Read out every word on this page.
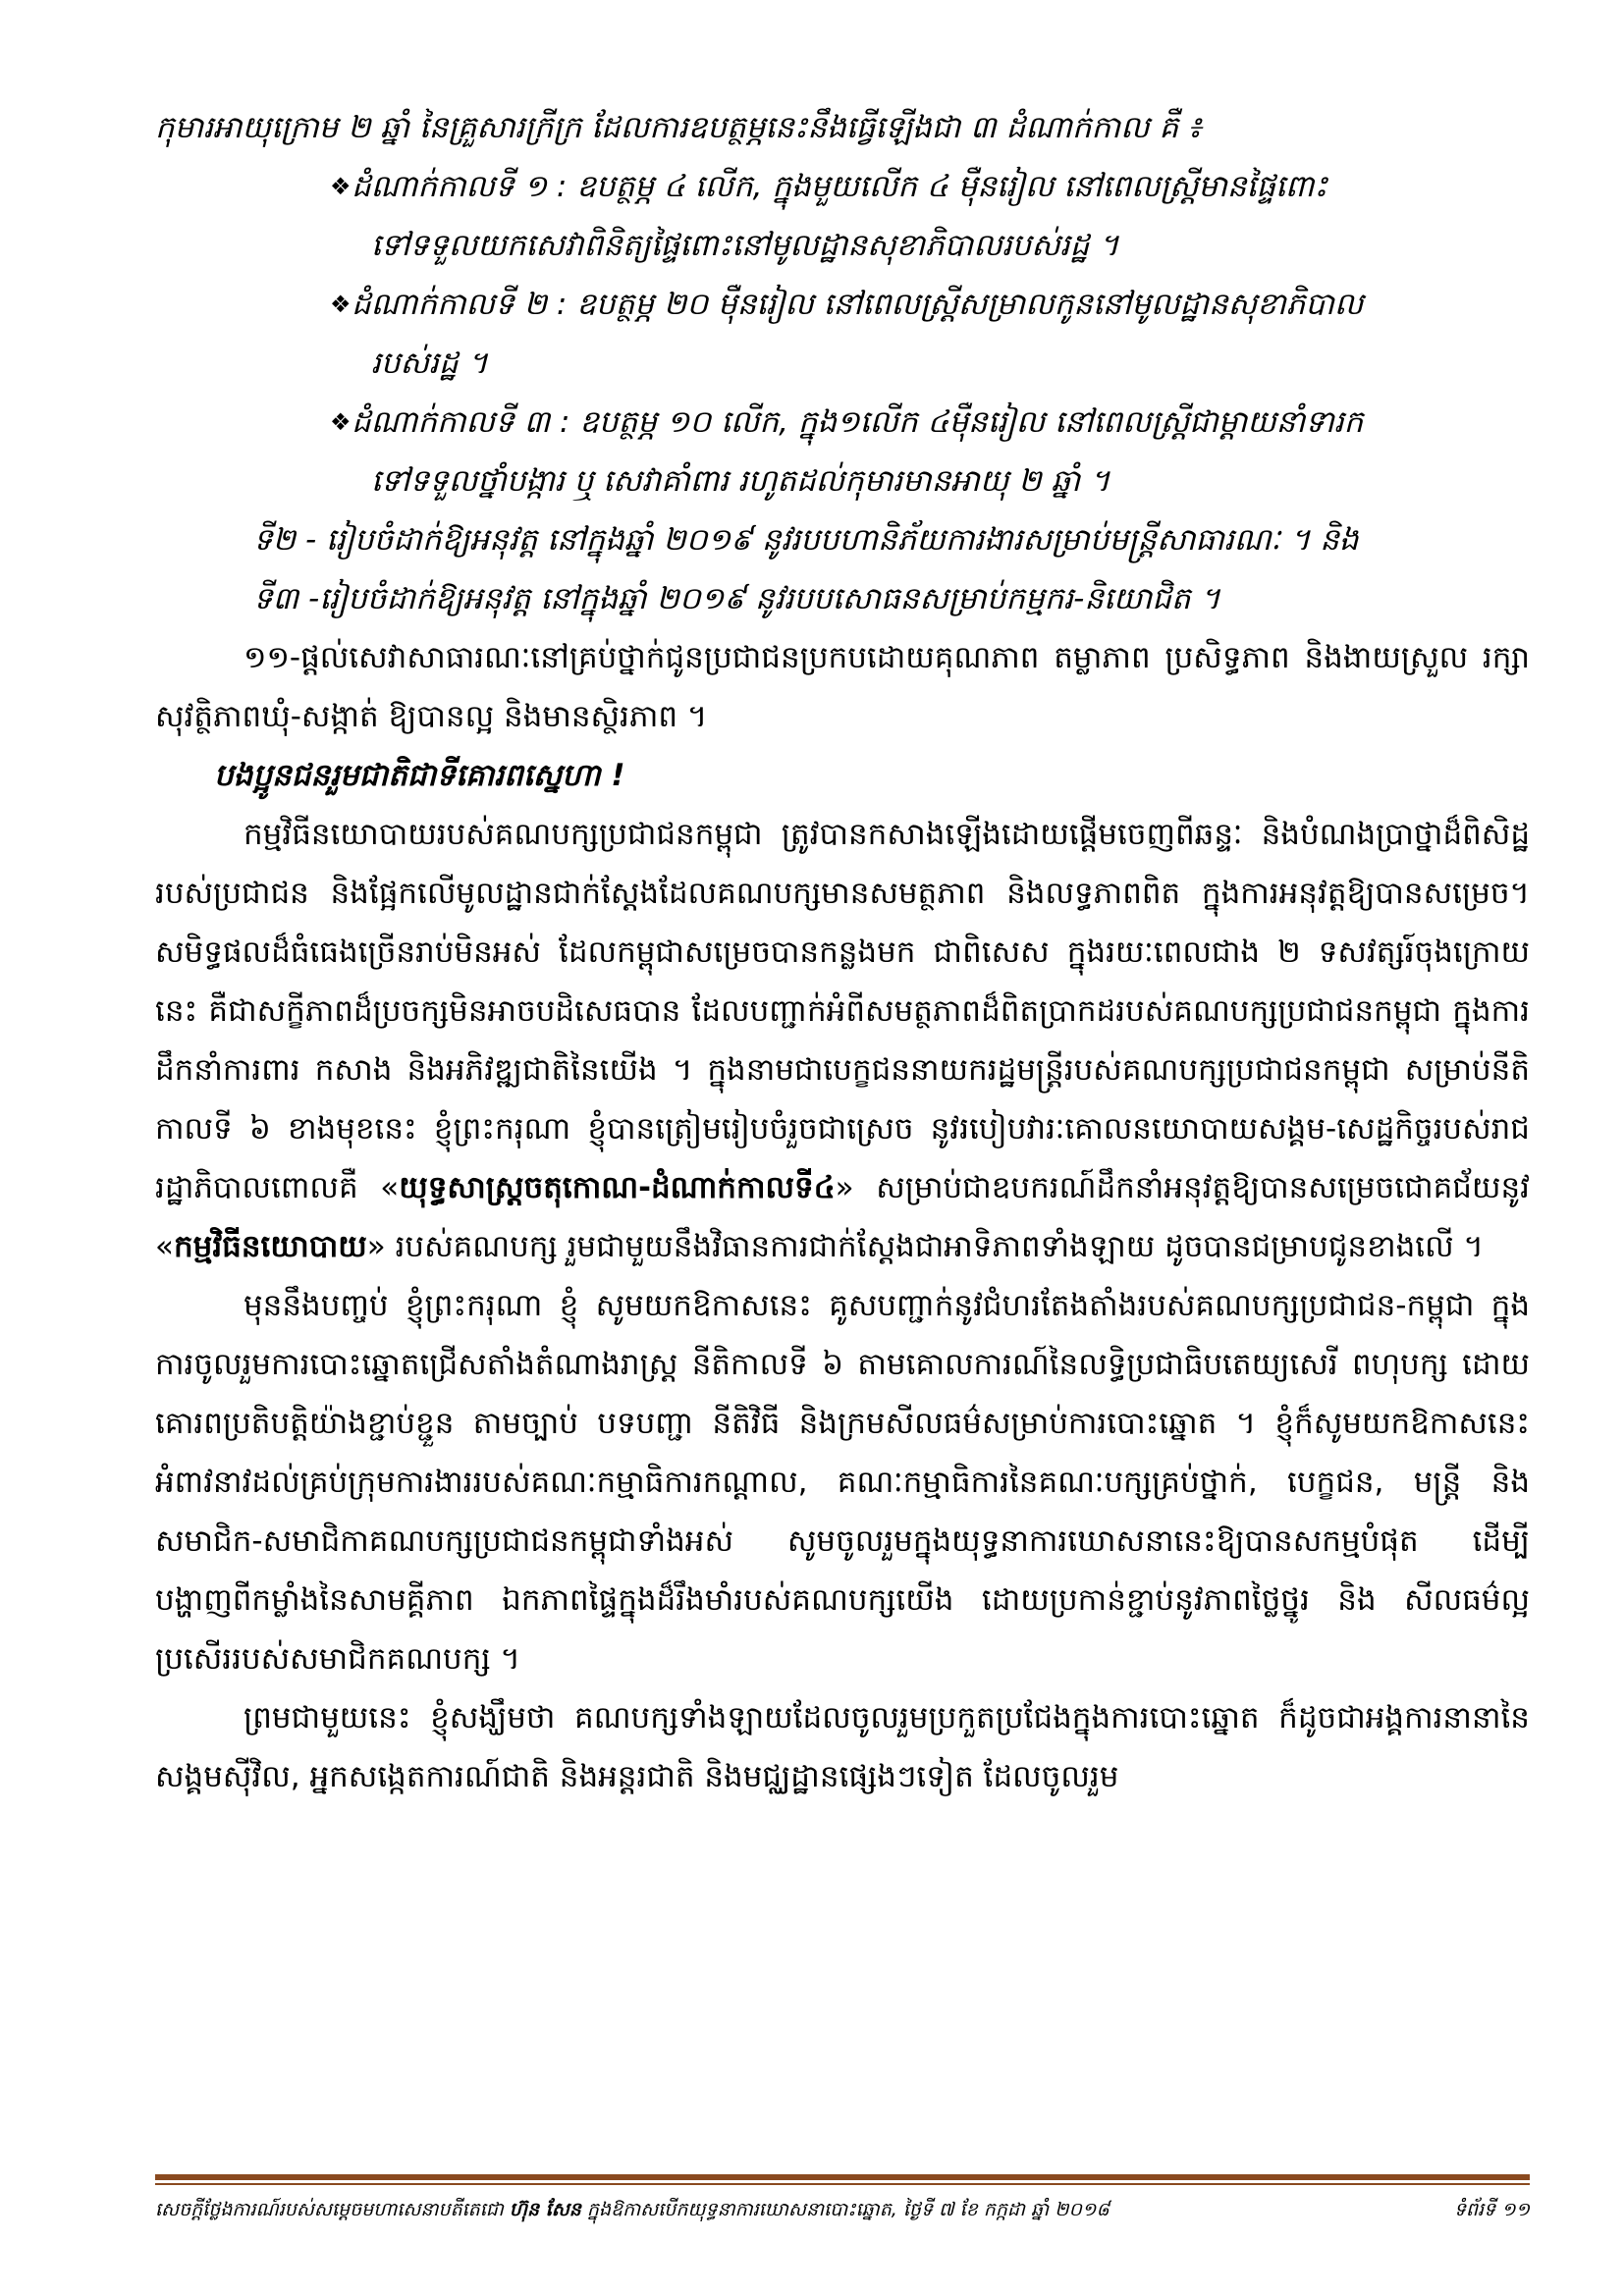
កុមារអាយុក្រោម ២ ឆ្នាំ នៃគ្រួសារក្រីក្រ ដែលការឧបត្ថម្ភនេះនឹងធ្វើឡើងជា ៣ ដំណាក់កាល គឺ ៖

❖ ដំណាក់កាលទី ១ : ឧបត្ថម្ភ ៤ លើក, ក្នុងមួយលើក ៤ ម៉ឺនរៀល នៅពេលស្ត្រីមានផ្ទៃពោះ

ទៅទទួលយកសេវាពិនិត្យផ្ទៃពោះនៅមូលដ្ឋានសុខាភិបាលរបស់រដ្ឋ ។

❖ ដំណាក់កាលទី ២ : ឧបត្ថម្ភ ២០ ម៉ឺនរៀល នៅពេលស្ត្រីសម្រាលកូននៅមូលដ្ឋានសុខាភិបាល

របស់រដ្ឋ ។

❖ ដំណាក់កាលទី ៣ : ឧបត្ថម្ភ ១០ លើក, ក្នុង១លើក ៤ម៉ឺនរៀល នៅពេលស្ត្រីជាម្តាយនាំទារក

ទៅទទួលថ្នាំបង្ការ ឬ សេវាគាំពារ រហូតដល់កុមារមានអាយុ ២ ឆ្នាំ ។

ទី២ - រៀបចំដាក់ឱ្យអនុវត្ត នៅក្នុងឆ្នាំ ២០១៩ នូវរបបហានិភ័យការងារសម្រាប់មន្ត្រីសាធារណៈ ។ និង

ទី៣ -រៀបចំដាក់ឱ្យអនុវត្ត នៅក្នុងឆ្នាំ ២០១៩ នូវរបបសោធនសម្រាប់កម្មករ-និយោជិត ។

១១-ផ្តល់សេវាសាធារណៈនៅគ្រប់ថ្នាក់ជូនប្រជាជនប្រកបដោយគុណភាព តម្លាភាព ប្រសិទ្ធភាព និងងាយស្រួល រក្សាសុវត្ថិភាពឃុំ-សង្កាត់ ឱ្យបានល្អ និងមានស្ថិរភាព ។

បងប្អូនជនរួមជាតិជាទីគោរពស្នេហា !

កម្មវិធីនយោបាយរបស់គណបក្សប្រជាជនកម្ពុជា ត្រូវបានកសាងឡើងដោយផ្តើមចេញពីឆន្ទៈ និងបំណងប្រាថ្នាដ៏ពិសិដ្ឋរបស់ប្រជាជន និងផ្អែកលើមូលដ្ឋានជាក់ស្តែងដែលគណបក្សមានសមត្ថភាព និងលទ្ធភាពពិត ក្នុងការអនុវត្តឱ្យបានសម្រេច។ សមិទ្ធផលដ៏ធំធេងច្រើនរាប់មិនអស់ ដែលកម្ពុជាសម្រេចបានកន្លងមក ជាពិសេស ក្នុងរយៈពេលជាង ២ ទសវត្សរ៍ចុងក្រោយនេះ គឺជាសក្ខីភាពដ៏ប្រចក្សមិនអាចបដិសេធបាន ដែលបញ្ជាក់អំពីសមត្ថភាពដ៏ពិតប្រាកដរបស់គណបក្សប្រជាជនកម្ពុជា ក្នុងការដឹកនាំការពារ កសាង និងអភិវឌ្ឍជាតិនៃយើង ។ ក្នុងនាមជាបេក្ខជននាយករដ្ឋមន្ត្រីរបស់គណបក្សប្រជាជនកម្ពុជា សម្រាប់នីតិកាលទី ៦ ខាងមុខនេះ ខ្ញុំព្រះករុណា ខ្ញុំបានត្រៀមរៀបចំរួចជាស្រេច នូវរបៀបវារៈគោលនយោបាយសង្គម-សេដ្ឋកិច្ចរបស់រាជរដ្ឋាភិបាលពោលគឺ «យុទ្ធសាស្ត្រចតុកោណ-ដំណាក់កាលទី៤» សម្រាប់ជាឧបករណ៍ដឹកនាំអនុវត្តឱ្យបានសម្រេចជោគជ័យនូវ «កម្មវិធីនយោបាយ» របស់គណបក្ស រួមជាមួយនឹងវិធានការជាក់ស្តែងជាអាទិភាពទាំងឡាយ ដូចបានជម្រាបជូនខាងលើ ។

មុននឹងបញ្ចប់ ខ្ញុំព្រះករុណា ខ្ញុំ សូមយកឱកាសនេះ គូសបញ្ជាក់នូវជំហរតែងតាំងរបស់គណបក្សប្រជាជន-កម្ពុជា ក្នុងការចូលរួមការបោះឆ្នោតជ្រើសតាំងតំណាងរាស្ត្រ នីតិកាលទី ៦ តាមគោលការណ៍នៃលទ្ធិប្រជាធិបតេយ្យសេរី ពហុបក្ស ដោយគោរពប្រតិបត្តិយ៉ាងខ្ជាប់ខ្ជួន តាមច្បាប់ បទបញ្ជា នីតិវិធី និងក្រមសីលធម៌សម្រាប់ការបោះឆ្នោត ។ ខ្ញុំក៏សូមយកឱកាសនេះ អំពាវនាវដល់គ្រប់ក្រុមការងាររបស់គណៈកម្មាធិការកណ្តាល, គណៈកម្មាធិការនៃគណៈបក្សគ្រប់ថ្នាក់, បេក្ខជន, មន្ត្រី និងសមាជិក-សមាជិកាគណបក្សប្រជាជនកម្ពុជាទាំងអស់ សូមចូលរួមក្នុងយុទ្ធនាការឃោសនានេះឱ្យបានសកម្មបំផុត ដើម្បីបង្ហាញពីកម្លាំងនៃសាមគ្គីភាព ឯកភាពផ្ទៃក្នុងដ៏រឹងមាំរបស់គណបក្សយើង ដោយប្រកាន់ខ្ជាប់នូវភាពថ្លៃថ្នូរ និង សីលធម៌ល្អប្រសើររបស់សមាជិកគណបក្ស ។

ព្រមជាមួយនេះ ខ្ញុំសង្ឃឹមថា គណបក្សទាំងឡាយដែលចូលរួមប្រកួតប្រជែងក្នុងការបោះឆ្នោត ក៏ដូចជាអង្គការនានានៃសង្គមស៊ីវិល, អ្នកសង្កេតការណ៍ជាតិ និងអន្តរជាតិ និងមជ្ឈដ្ឋានផ្សេងៗទៀត ដែលចូលរួម

សេចក្តីថ្លែងការណ៍របស់សម្តេចមហាសេនាបតីតេជោ ហ៊ុន សែន ក្នុងឱកាសបើកយុទ្ធនាការឃោសនាបោះឆ្នោត, ថ្ងៃទី ៧ ខែ កក្កដា ឆ្នាំ ២០១៨	ទំព័រទី ១១
